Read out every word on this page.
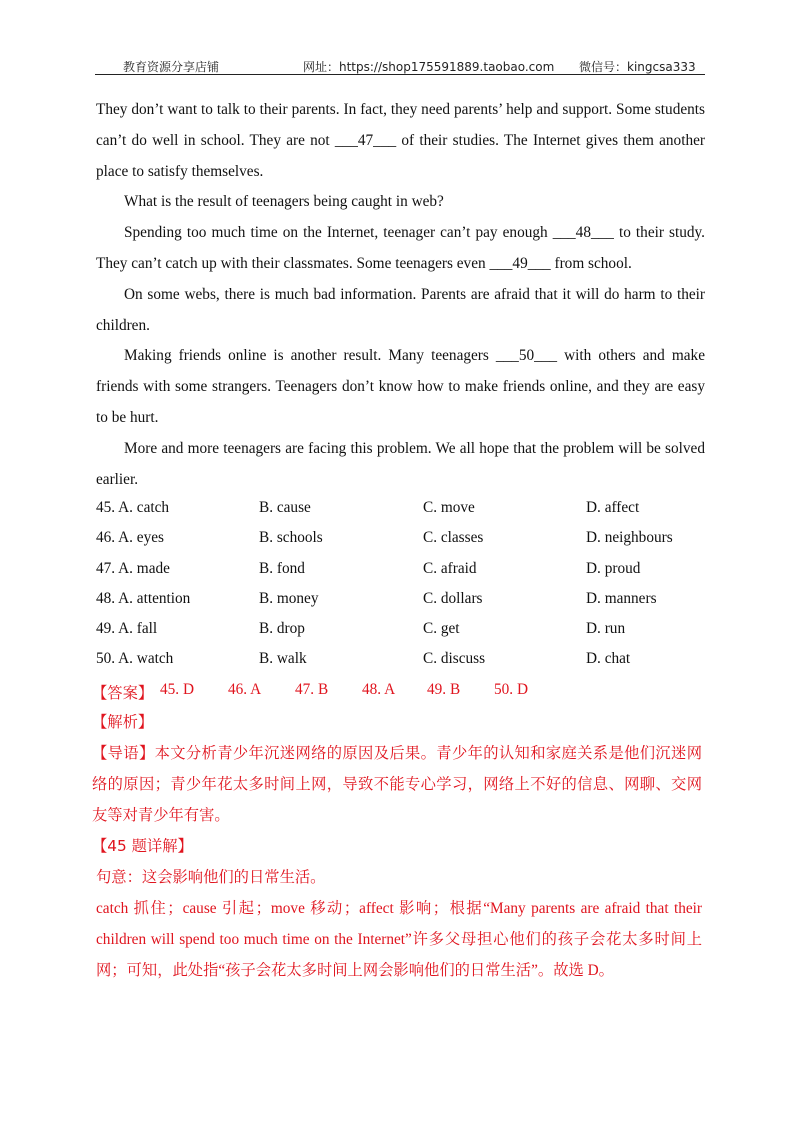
教育资源分享店铺	网址：https://shop175591889.taobao.com 微信号：kingcsa333

They don’t want to talk to their parents. In fact, they need parents’ help and support. Some students can’t do well in school. They are not ___47___ of their studies. The Internet gives them another place to satisfy themselves.

What is the result of teenagers being caught in web?

Spending too much time on the Internet, teenager can’t pay enough ___48___ to their study. They can’t catch up with their classmates. Some teenagers even ___49___ from school.

On some webs, there is much bad information. Parents are afraid that it will do harm to their children.

Making friends online is another result. Many teenagers ___50___ with others and make friends with some strangers. Teenagers don’t know how to make friends online, and they are easy to be hurt.

More and more teenagers are facing this problem. We all hope that the problem will be solved earlier.

45. A. catch	B. cause	C. move	D. affect
46. A. eyes	B. schools	C. classes	D. neighbours
47. A. made	B. fond	C. afraid	D. proud
48. A. attention	B. money	C. dollars	D. manners
49. A. fall	B. drop	C. get	D. run
50. A. watch	B. walk	C. discuss	D. chat
【答案】 45. D 46. A 47. B 48. A 49. B 50. D

【解析】

【导语】本文分析青少年沉迷网络的原因及后果。青少年的认知和家庭关系是他们沉迷网络的原因；青少年花太多时间上网，导致不能专心学习，网络上不好的信息、网聊、交网友等对青少年有害。

【45 题详解】

句意：这会影响他们的日常生活。

catch 抓住；cause 引起；move 移动；affect 影响；根据“Many parents are afraid that their children will spend too much time on the Internet”许多父母担心他们的孩子会花太多时间上网；可知，此处指“孩子会花太多时间上网会影响他们的日常生活”。故选 D。
